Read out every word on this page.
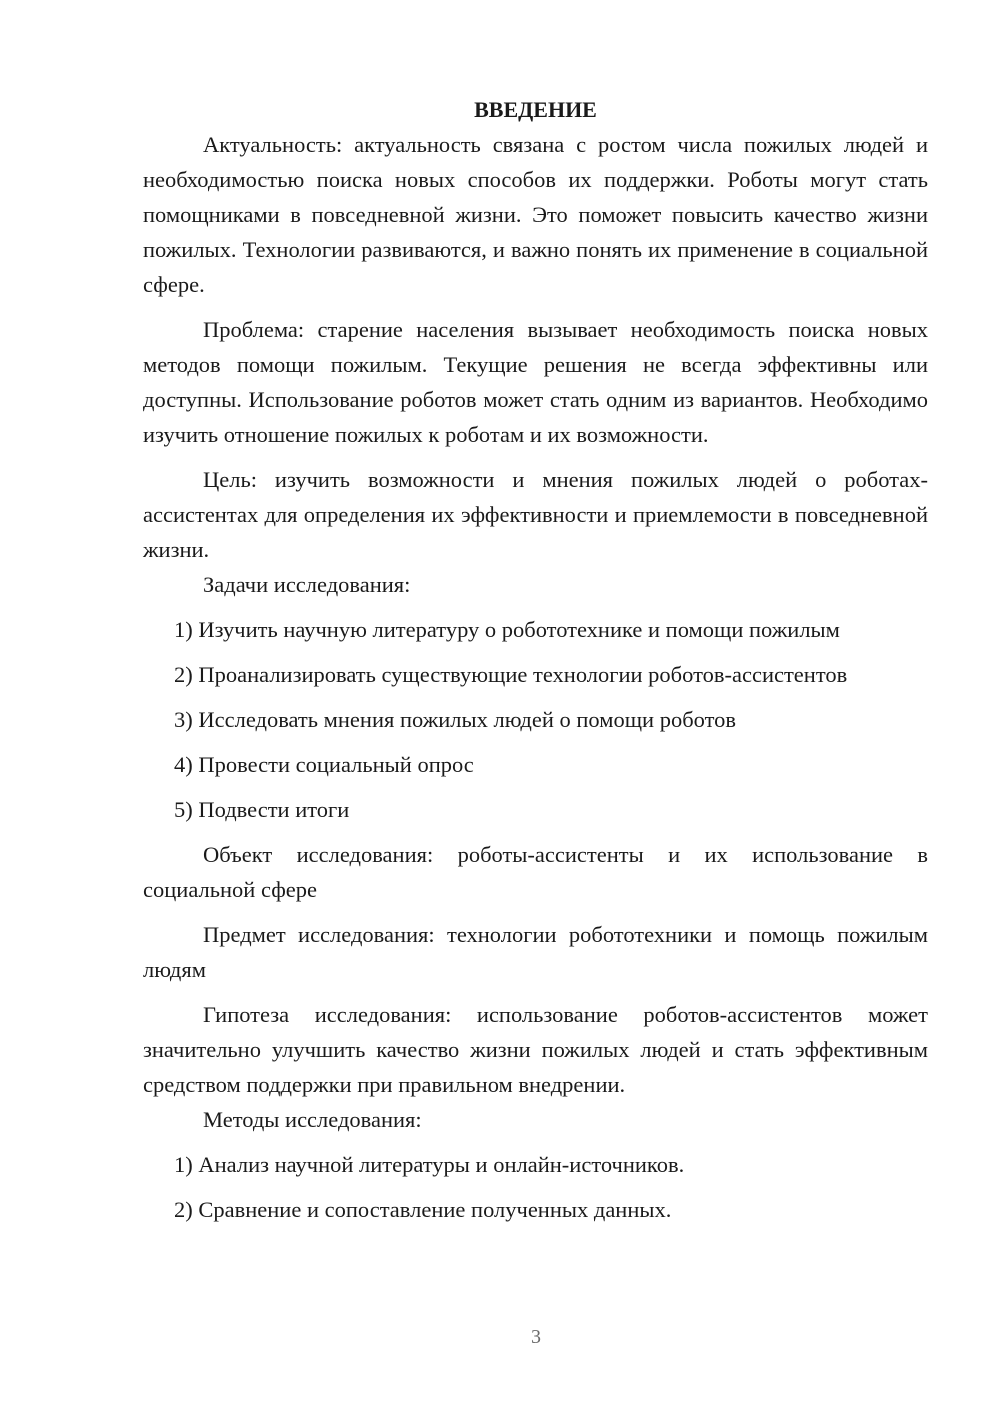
ВВЕДЕНИЕ

Актуальность: актуальность связана с ростом числа пожилых людей и необходимостью поиска новых способов их поддержки. Роботы могут стать помощниками в повседневной жизни. Это поможет повысить качество жизни пожилых. Технологии развиваются, и важно понять их применение в социальной сфере.

Проблема: старение населения вызывает необходимость поиска новых методов помощи пожилым. Текущие решения не всегда эффективны или доступны. Использование роботов может стать одним из вариантов. Необходимо изучить отношение пожилых к роботам и их возможности.

Цель: изучить возможности и мнения пожилых людей о роботах-ассистентах для определения их эффективности и приемлемости в повседневной жизни.

Задачи исследования:

1) Изучить научную литературу о робототехнике и помощи пожилым

2) Проанализировать существующие технологии роботов-ассистентов

3) Исследовать мнения пожилых людей о помощи роботов

4) Провести социальный опрос

5) Подвести итоги

Объект исследования: роботы-ассистенты и их использование в социальной сфере

Предмет исследования: технологии робототехники и помощь пожилым людям

Гипотеза исследования: использование роботов-ассистентов может значительно улучшить качество жизни пожилых людей и стать эффективным средством поддержки при правильном внедрении.

Методы исследования:

1) Анализ научной литературы и онлайн-источников.

2) Сравнение и сопоставление полученных данных.

3
